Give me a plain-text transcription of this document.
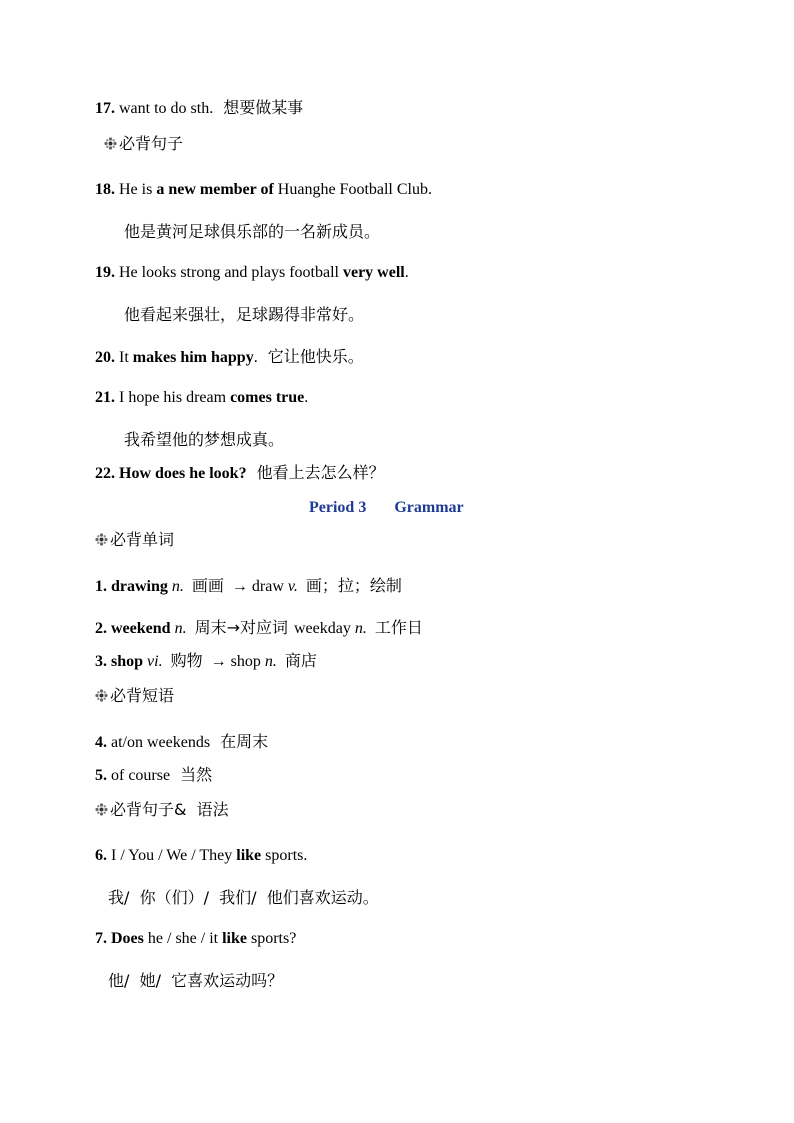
17. want to do sth. 想要做某事
必背句子
18. He is a new member of Huanghe Football Club.
他是黄河足球俱乐部的一名新成员。
19. He looks strong and plays football very well.
他看起来强壮，足球踢得非常好。
20. It makes him happy. 它让他快乐。
21. I hope his dream comes true.
我希望他的梦想成真。
22. How does he look? 他看上去怎么样？
Period 3 Grammar
必背单词
1. drawing n. 画画 → draw v. 画；拉；绘制
2. weekend n. 周末→对应词 weekday n. 工作日
3. shop vi. 购物 → shop n. 商店
必背短语
4. at/on weekends 在周末
5. of course 当然
必背句子&  语法
6. I / You / We / They like sports.
我/  你（们）/  我们/  他们喜欢运动。
7. Does he / she / it like sports?
他/  她/  它喜欢运动吗？
